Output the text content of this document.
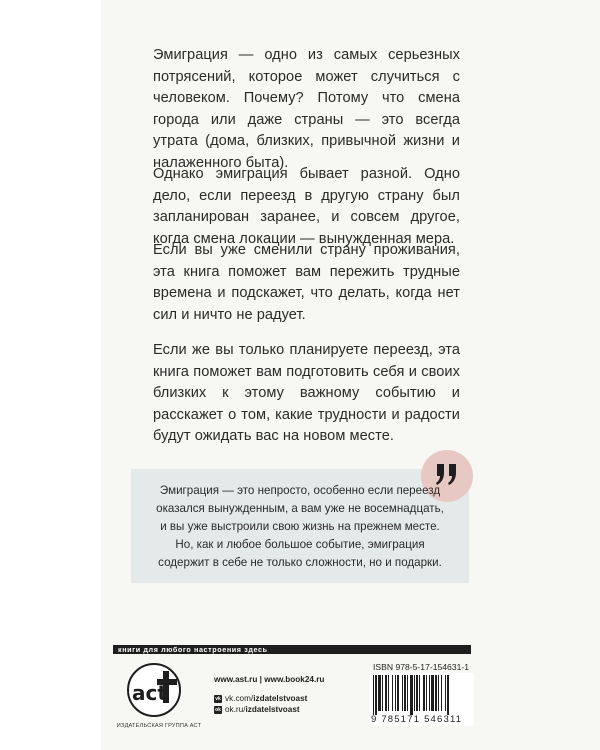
Эмиграция — одно из самых серьезных потрясений, которое может случиться с человеком. Почему? Потому что смена города или даже страны — это всегда утрата (дома, близких, привычной жизни и налаженного быта).

Однако эмиграция бывает разной. Одно дело, если переезд в другую страну был запланирован заранее, и совсем другое, когда смена локации — вынужденная мера.

Если вы уже сменили страну проживания, эта книга поможет вам пережить трудные времена и подскажет, что делать, когда нет сил и ничто не радует.

Если же вы только планируете переезд, эта книга поможет вам подготовить себя и своих близких к этому важному событию и расскажет о том, какие трудности и радости будут ожидать вас на новом месте.

Эмиграция — это непросто, особенно если переезд оказался вынужденным, а вам уже не восемнадцать, и вы уже выстроили свою жизнь на прежнем месте. Но, как и любое большое событие, эмиграция содержит в себе не только сложности, но и подарки.

книги для любого настроения здесь
act
ИЗДАТЕЛЬСКАЯ ГРУППА АСТ
www.ast.ru | www.book24.ru
vk vk.com/ izdatelstvoast
ok ok.ru/ izdatelstvoast
ISBN 978-5-17-154631-1
9 785171 546311
